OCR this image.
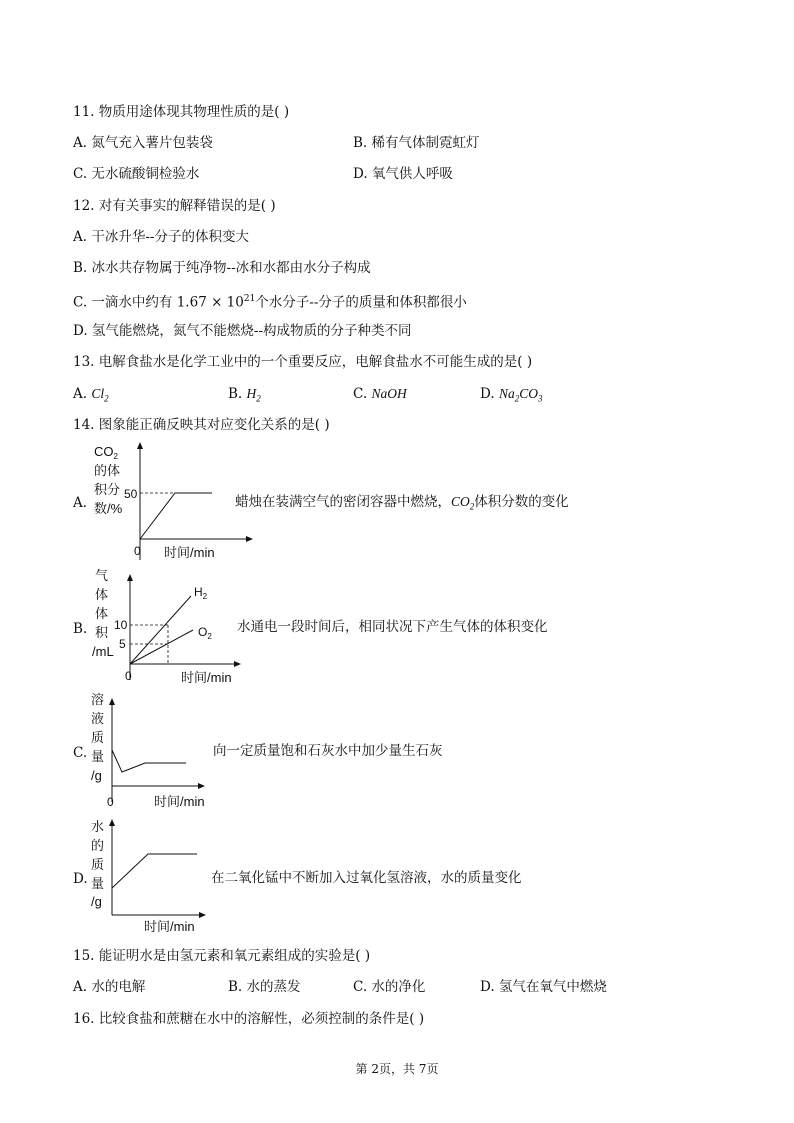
11. 物质用途体现其物理性质的是( )
A. 氮气充入薯片包装袋	B. 稀有气体制霓虹灯
C. 无水硫酸铜检验水	D. 氧气供人呼吸
12. 对有关事实的解释错误的是( )
A. 干冰升华--分子的体积变大
B. 冰水共存物属于纯净物--冰和水都由水分子构成
C. 一滴水中约有 $1.67 \times 10^{21}$个水分子--分子的质量和体积都很小
D. 氢气能燃烧，氮气不能燃烧--构成物质的分子种类不同
13. 电解食盐水是化学工业中的一个重要反应，电解食盐水不可能生成的是( )
A. $Cl_2$	B. $H_2$	C. NaOH	D. $Na_2CO_3$
14. 图象能正确反映其对应变化关系的是( )
A.
$CO_2$
的体
积分
数/%
50
0 时间/min
蜡烛在装满空气的密闭容器中燃烧，$CO_2$体积分数的变化
B.
$H_2$
$O_2$
气
体
体
积
/mL
10
5
0	时间/min
水通电一段时间后，相同状况下产生气体的体积变化
C.
溶
液
质
量
/g
0	时间/min
向一定质量饱和石灰水中加少量生石灰
D.
水
的
质
量
/g
时间/min
在二氧化锰中不断加入过氧化氢溶液，水的质量变化
15. 能证明水是由氢元素和氧元素组成的实验是( )
A. 水的电解	B. 水的蒸发	C. 水的净化	D. 氢气在氧气中燃烧
16. 比较食盐和蔗糖在水中的溶解性，必须控制的条件是( )
第 2页，共 7页
